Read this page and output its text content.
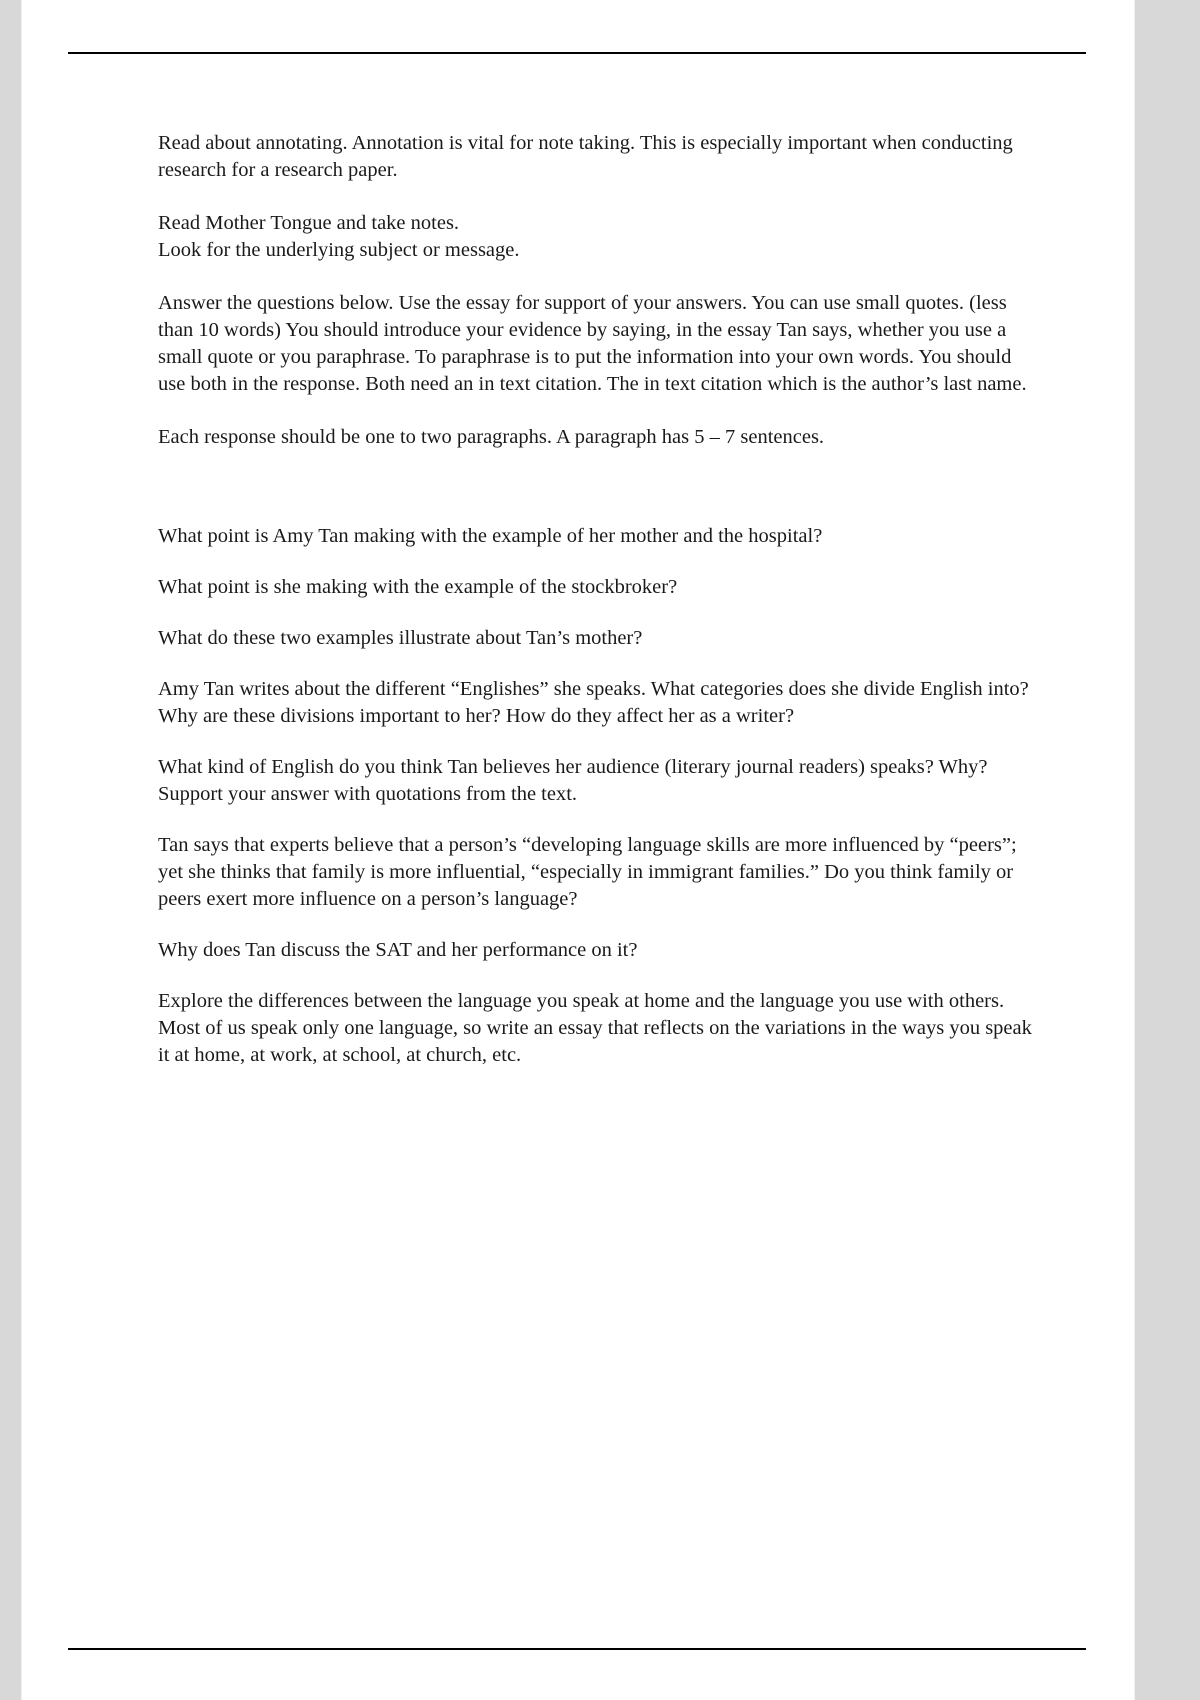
Read about annotating. Annotation is vital for note taking. This is especially important when conducting research for a research paper.

Read Mother Tongue and take notes.

Look for the underlying subject or message.

Answer the questions below. Use the essay for support of your answers. You can use small quotes. (less than 10 words) You should introduce your evidence by saying, in the essay Tan says, whether you use a small quote or you paraphrase. To paraphrase is to put the information into your own words. You should use both in the response. Both need an in text citation. The in text citation which is the author’s last name.

Each response should be one to two paragraphs. A paragraph has 5 – 7 sentences.

What point is Amy Tan making with the example of her mother and the hospital?

What point is she making with the example of the stockbroker?

What do these two examples illustrate about Tan’s mother?

Amy Tan writes about the different “Englishes” she speaks. What categories does she divide English into? Why are these divisions important to her? How do they affect her as a writer?

What kind of English do you think Tan believes her audience (literary journal readers) speaks? Why? Support your answer with quotations from the text.

Tan says that experts believe that a person’s “developing language skills are more influenced by “peers”; yet she thinks that family is more influential, “especially in immigrant families.” Do you think family or peers exert more influence on a person’s language?

Why does Tan discuss the SAT and her performance on it?

Explore the differences between the language you speak at home and the language you use with others. Most of us speak only one language, so write an essay that reflects on the variations in the ways you speak it at home, at work, at school, at church, etc.
